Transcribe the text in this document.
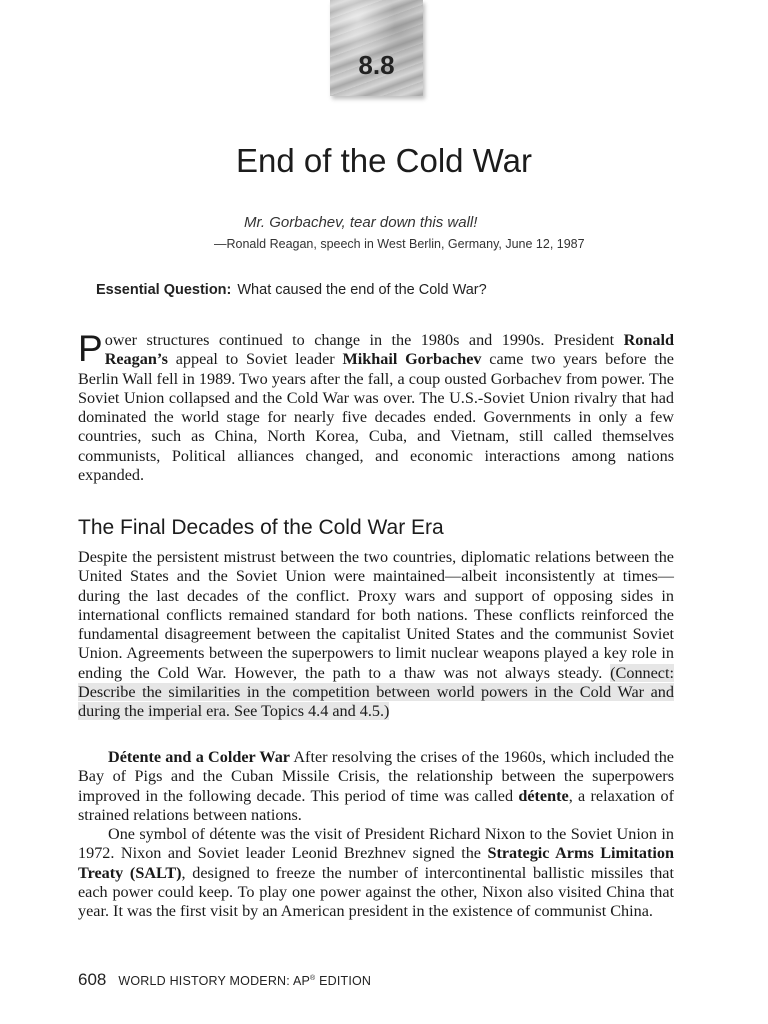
8.8
End of the Cold War
Mr. Gorbachev, tear down this wall!
—Ronald Reagan, speech in West Berlin, Germany, June 12, 1987
Essential Question: What caused the end of the Cold War?
Power structures continued to change in the 1980s and 1990s. President Ronald Reagan’s appeal to Soviet leader Mikhail Gorbachev came two years before the Berlin Wall fell in 1989. Two years after the fall, a coup ousted Gorbachev from power. The Soviet Union collapsed and the Cold War was over. The U.S.-Soviet Union rivalry that had dominated the world stage for nearly five decades ended. Governments in only a few countries, such as China, North Korea, Cuba, and Vietnam, still called themselves communists, Political alliances changed, and economic interactions among nations expanded.
The Final Decades of the Cold War Era
Despite the persistent mistrust between the two countries, diplomatic relations between the United States and the Soviet Union were maintained—albeit inconsistently at times—during the last decades of the conflict. Proxy wars and support of opposing sides in international conflicts remained standard for both nations. These conflicts reinforced the fundamental disagreement between the capitalist United States and the communist Soviet Union. Agreements between the superpowers to limit nuclear weapons played a key role in ending the Cold War. However, the path to a thaw was not always steady. (Connect: Describe the similarities in the competition between world powers in the Cold War and during the imperial era. See Topics 4.4 and 4.5.)
Détente and a Colder War After resolving the crises of the 1960s, which included the Bay of Pigs and the Cuban Missile Crisis, the relationship between the superpowers improved in the following decade. This period of time was called détente, a relaxation of strained relations between nations.
One symbol of détente was the visit of President Richard Nixon to the Soviet Union in 1972. Nixon and Soviet leader Leonid Brezhnev signed the Strategic Arms Limitation Treaty (SALT), designed to freeze the number of intercontinental ballistic missiles that each power could keep. To play one power against the other, Nixon also visited China that year. It was the first visit by an American president in the existence of communist China.
608 WORLD HISTORY MODERN: AP® EDITION
